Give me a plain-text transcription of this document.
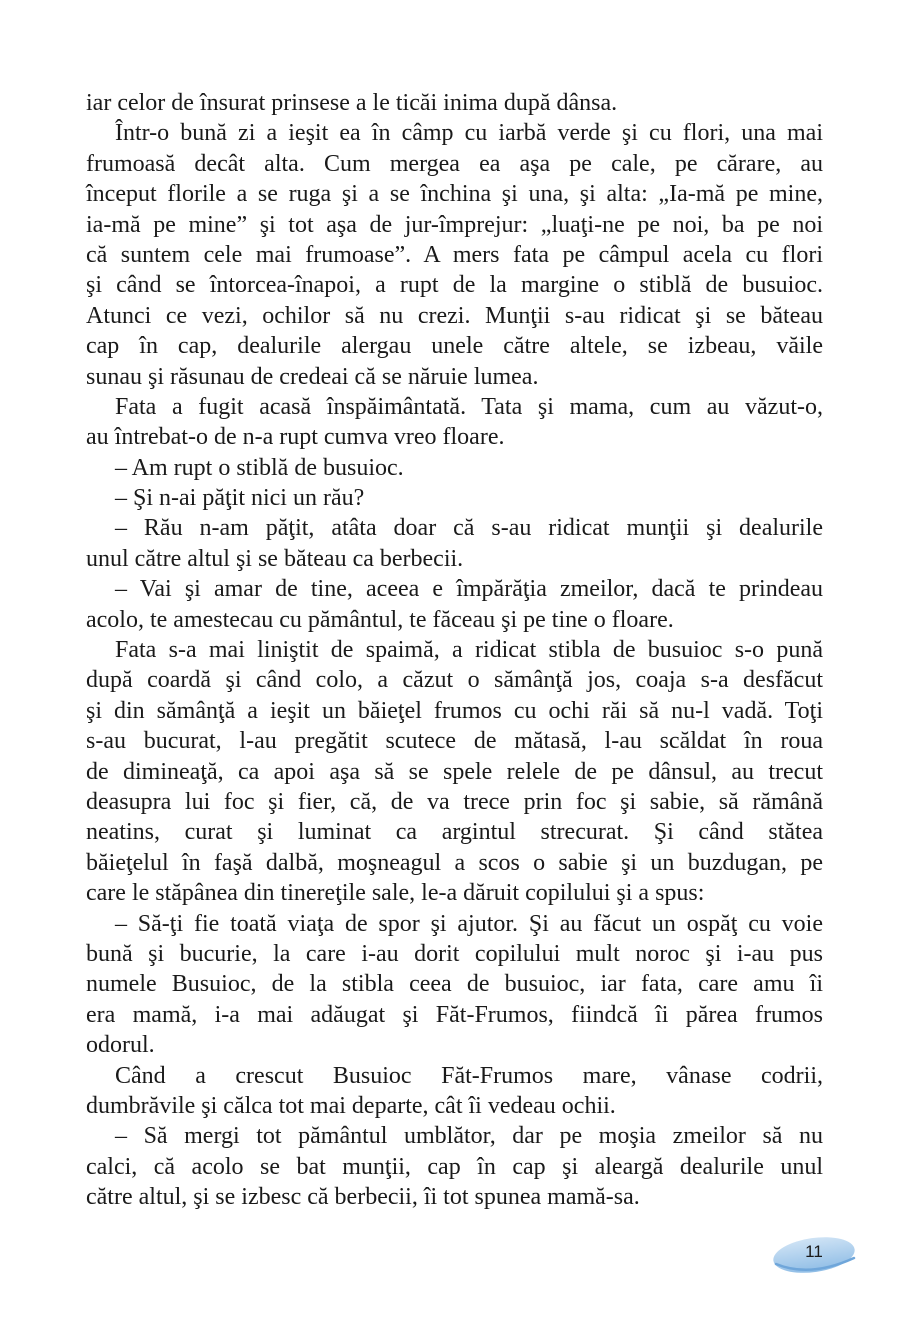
iar celor de însurat prinsese a le ticăi inima după dânsa.
Într-o bună zi a ieşit ea în câmp cu iarbă verde şi cu flori, una mai
frumoasă decât alta. Cum mergea ea aşa pe cale, pe cărare, au
început florile a se ruga şi a se închina şi una, şi alta: „Ia-mă pe mine,
ia-mă pe mine” şi tot aşa de jur-împrejur: „luaţi-ne pe noi, ba pe noi
că suntem cele mai frumoase”. A mers fata pe câmpul acela cu flori
şi când se întorcea-înapoi, a rupt de la margine o stiblă de busuioc.
Atunci ce vezi, ochilor să nu crezi. Munţii s-au ridicat şi se băteau
cap în cap, dealurile alergau unele către altele, se izbeau, văile
sunau şi răsunau de credeai că se năruie lumea.
Fata a fugit acasă înspăimântată. Tata şi mama, cum au văzut-o,
au întrebat-o de n-a rupt cumva vreo floare.
– Am rupt o stiblă de busuioc.
– Şi n-ai păţit nici un rău?
– Rău n-am păţit, atâta doar că s-au ridicat munţii şi dealurile
unul către altul şi se băteau ca berbecii.
– Vai şi amar de tine, aceea e împărăţia zmeilor, dacă te prindeau
acolo, te amestecau cu pământul, te făceau şi pe tine o floare.
Fata s-a mai liniştit de spaimă, a ridicat stibla de busuioc s-o pună
după coardă şi când colo, a căzut o sămânţă jos, coaja s-a desfăcut
şi din sămânţă a ieşit un băieţel frumos cu ochi răi să nu-l vadă. Toţi
s-au bucurat, l-au pregătit scutece de mătasă, l-au scăldat în roua
de dimineaţă, ca apoi aşa să se spele relele de pe dânsul, au trecut
deasupra lui foc şi fier, că, de va trece prin foc şi sabie, să rămână
neatins, curat şi luminat ca argintul strecurat. Şi când stătea
băieţelul în faşă dalbă, moşneagul a scos o sabie şi un buzdugan, pe
care le stăpânea din tinereţile sale, le-a dăruit copilului şi a spus:
– Să-ţi fie toată viaţa de spor şi ajutor. Şi au făcut un ospăţ cu voie
bună şi bucurie, la care i-au dorit copilului mult noroc şi i-au pus
numele Busuioc, de la stibla ceea de busuioc, iar fata, care amu îi
era mamă, i-a mai adăugat şi Făt-Frumos, fiindcă îi părea frumos
odorul.
Când a crescut Busuioc Făt-Frumos mare, vânase codrii,
dumbrăvile şi călca tot mai departe, cât îi vedeau ochii.
– Să mergi tot pământul umblător, dar pe moşia zmeilor să nu
calci, că acolo se bat munţii, cap în cap şi aleargă dealurile unul
către altul, şi se izbesc că berbecii, îi tot spunea mamă-sa.
11
